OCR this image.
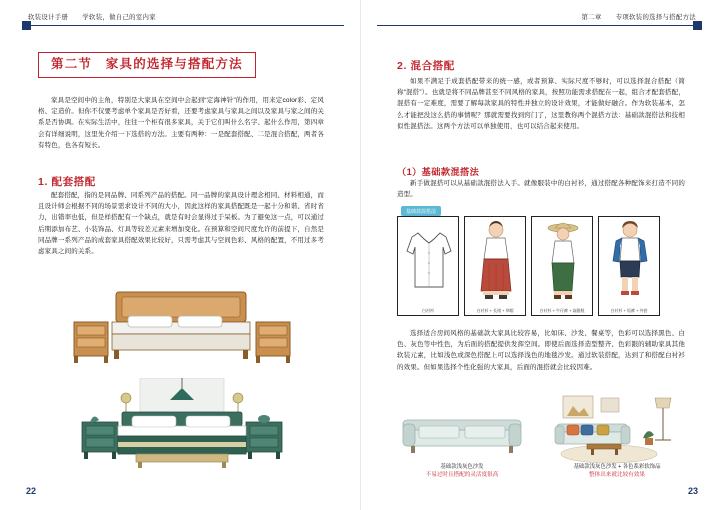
软装设计手册 学软装，做自己的室内家
第二节　家具的选择与搭配方法

家具是空间中的主角，特别是大家具在空间中会起到“定海神针”的作用，用来定color彩、定风格、定造价。但你不仅要考虑单个家具是否好看，还要考虑家具与家具之间以及家具与家之间的关系是否协调。在实际生活中，往往一个柜有很多家具，关于它们叫什么名字、起什么作用，第四章会有详细说明，这里先介绍一下选搭的方法。主要有两种：一是配套搭配、二是混合搭配，两者各有特色，也各有短长。

1. 配套搭配

配套搭配，指的是同品牌、同系列产品的搭配。同一品牌的家具设计理念相同、材料相通，而且设计师会根据不同的场景需求设计不同的大小，因此这样的家具搭配既是一起十分和谐、省时省力，出错率也低，但是样搭配有一个缺点，就是有时会显得过于呆板。为了避免这一点，可以通过后期添加布艺、小装饰品、灯具等较差元素来增加变化。在预算和空间尺度允许的前提下，自然是同品牌一系列产品的成套家具搭配效果比较好，只需考虑其与空间色彩、风格的配置，不用过多考虑家具之间的关系。

22
第二章 专项软装的选择与搭配方法
2. 混合搭配

如果不满足于成套搭配带来的统一感，或者预算、实际尺度不够时，可以选择混合搭配（简称“混搭”）。也就是将不同品牌甚至不同风格的家具，按照功能需求搭配在一起，组合才配套搭配，混搭有一定难度，需要了解每款家具的特性并独立的设计效果，才能做好融合。作为软装基本，怎么才能把没这么搭的事情呢？那就需要找到窍门了，这里教你两个混搭方法：基础款混搭法和技相似性混搭法。这两个方法可以单独使用，也可以结合起来使用。

（1）基础款混搭法

新手做混搭可以从基础款混搭法入手。就像服装中的白衬衫，通过搭配各种配饰来打造不同的造型。

基础款混搭法
白衬衫	白衬衫 + 长裙 + 草帽	白衬衫 + 牛仔裤 + 高跟鞋	白衬衫 + 短裤 + 外套

选择适合房间风格的基础款大家具比较容易，比如床、沙发、餐桌等，色彩可以选择黑色、白色、灰色等中性色，为后面的搭配提供发挥空间。即使后面选择造型整齐、色彩跟的辅助家具其他软装元素，比如浅色或深色搭配上可以选择浅色的地毯沙发。通过软装搭配，达到了和搭配白衬衫的效果。但如果选择个性化强的大家具，后面的混搭就会比较因难。

基础款浅灰色沙发
不易过时且搭配的灵活度很高
基础款浅灰色沙发 + 各色系彩软饰品
整体出来就比较有效果
23
